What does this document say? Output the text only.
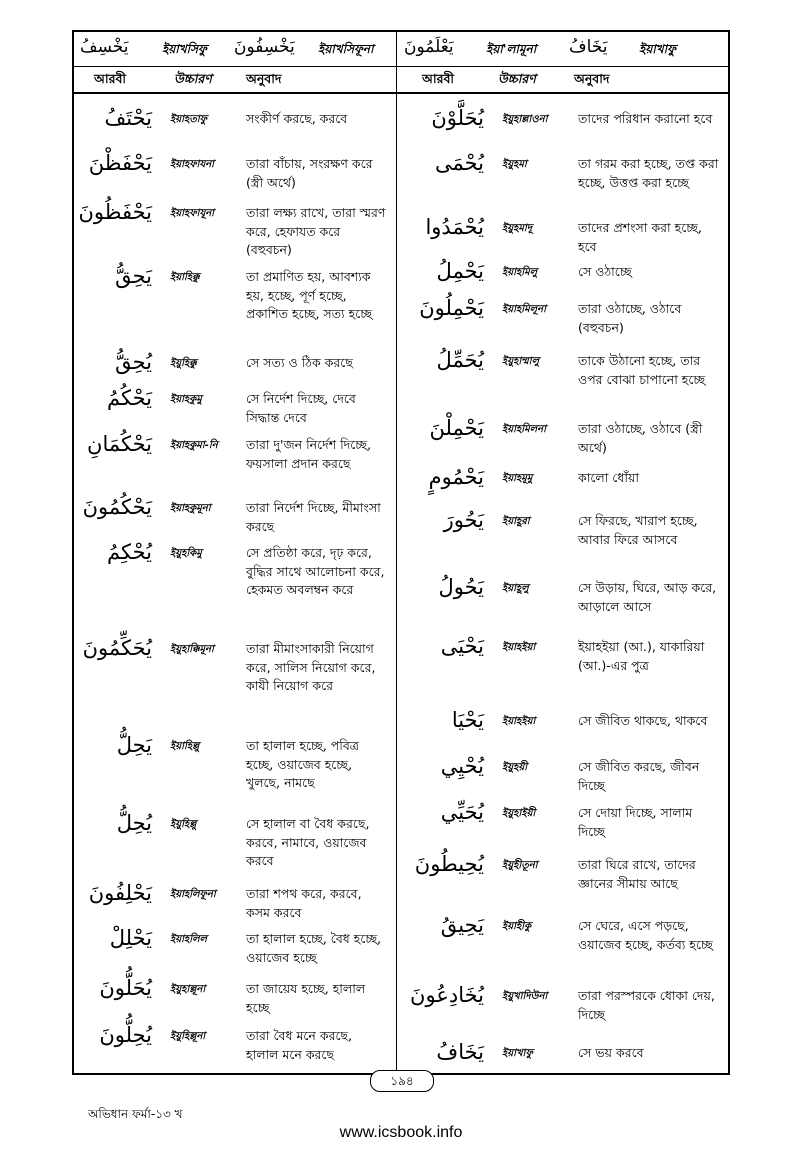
يَخْسِفُ	ইয়াখসিফু يَخْسِفُونَ ইয়াখসিফূনা يَعْلَمُونَ	ইয়া'লামূনা يَخَافُ	ইয়াখাফু
আরবী	উচ্চারণ	অনুবাদ	আরবী	উচ্চারণ	অনুবাদ
يَحْتَفُ ইয়াহতাফু	সংকীর্ণ করছে, করবে
يَحْفَظْنَ ইয়াহফাযনা	তারা বাঁচায়, সংরক্ষণ করে (স্ত্রী অর্থে)
يَحْفَظُونَ ইয়াহফাযূনা	তারা লক্ষ্য রাখে, তারা স্মরণ করে, হেফাযত করে (বহুবচন)
يَحِقُّ ইয়াহিক্কু	তা প্রমাণিত হয়, আবশ্যক হয়, হচ্ছে, পূর্ণ হচ্ছে, প্রকাশিত হচ্ছে, সত্য হচ্ছে
يُحِقُّ ইয়ুহিক্কু	সে সত্য ও ঠিক করছে
يَحْكُمُ ইয়াহকুমু	সে নির্দেশ দিচ্ছে, দেবে সিদ্ধান্ত দেবে
يَحْكُمَانِ ইয়াহকুমা-নি তারা দু'জন নির্দেশ দিচ্ছে, ফয়সালা প্রদান করছে
يَحْكُمُونَ ইয়াহকুমূনা	তারা নির্দেশ দিচ্ছে, মীমাংসা করছে
يُحْكِمُ ইয়ুহকিমু	সে প্রতিষ্ঠা করে, দৃঢ় করে, বুদ্ধির সাথে আলোচনা করে, হেকমত অবলম্বন করে
يُحَكِّمُونَ ইয়ুহাক্কিমূনা	তারা মীমাংসাকারী নিয়োগ করে, সালিস নিয়োগ করে, কাযী নিয়োগ করে
يَحِلُّ ইয়াহিল্লু	তা হালাল হচ্ছে, পবিত্র হচ্ছে, ওয়াজেব হচ্ছে, খুলছে, নামছে
يُحِلُّ ইয়ুহিল্লু	সে হালাল বা বৈধ করছে, করবে, নামাবে, ওয়াজেব করবে
يَحْلِفُونَ ইয়াহলিফূনা তারা শপথ করে, করবে, কসম করবে
يَحْلِلْ ইয়াহলিল	তা হালাল হচ্ছে, বৈধ হচ্ছে, ওয়াজেব হচ্ছে
يُحَلُّونَ ইয়ুহাল্লূনা	তা জায়েয হচ্ছে, হালাল হচ্ছে
يُحِلُّونَ ইয়ুহিল্লূনা	তারা বৈধ মনে করছে, হালাল মনে করছে
يُحَلَّوْنَ ইয়ুহাল্লাওনা তাদের পরিধান করানো হবে
يُحْمَى ইয়ুহমা	তা গরম করা হচ্ছে, তপ্ত করা হচ্ছে, উত্তপ্ত করা হচ্ছে
يُحْمَدُوا ইয়ুহমাদূ	তাদের প্রশংসা করা হচ্ছে, হবে
يَحْمِلُ ইয়াহমিলু	সে ওঠাচ্ছে
يَحْمِلُونَ ইয়াহমিলূনা	তারা ওঠাচ্ছে, ওঠাবে (বহুবচন)
يُحَمِّلُ ইয়ুহাম্মালু	তাকে উঠানো হচ্ছে, তার ওপর বোঝা চাপানো হচ্ছে
يَحْمِلْنَ ইয়াহমিলনা	তারা ওঠাচ্ছে, ওঠাবে (স্ত্রী অর্থে)
يَحْمُومٍ ইয়াহমূমু	কালো ধোঁয়া
يَحُورَ ইয়াহূরা	সে ফিরছে, খারাপ হচ্ছে, আবার ফিরে আসবে
يَحُولُ ইয়াহূলু	সে উড়ায়, ঘিরে, আড় করে, আড়ালে আসে
يَحْيَى ইয়াহইয়া	ইয়াহইয়া (আ.), যাকারিয়া (আ.)-এর পুত্র
يَحْيَا ইয়াহইয়া	সে জীবিত থাকছে, থাকবে
يُحْيِي ইয়ুহয়ী	সে জীবিত করছে, জীবন দিচ্ছে
يُحَيِّي ইয়ুহাইয়ী	সে দোয়া দিচ্ছে, সালাম দিচ্ছে
يُحِيطُونَ ইয়ুহীতূনা	তারা ঘিরে রাখে, তাদের জ্ঞানের সীমায় আছে
يَحِيقُ ইয়াহীকু	সে ঘেরে, এসে পড়ছে, ওয়াজেব হচ্ছে, কর্তব্য হচ্ছে
يُخَادِعُونَ ইয়ুখাদিউনা তারা পরস্পরকে ধোকা দেয়, দিচ্ছে
يَخَافُ ইয়াখাফু	সে ভয় করবে
১৯৪
অভিধান ফর্মা-১৩ খ
www.icsbook.info
